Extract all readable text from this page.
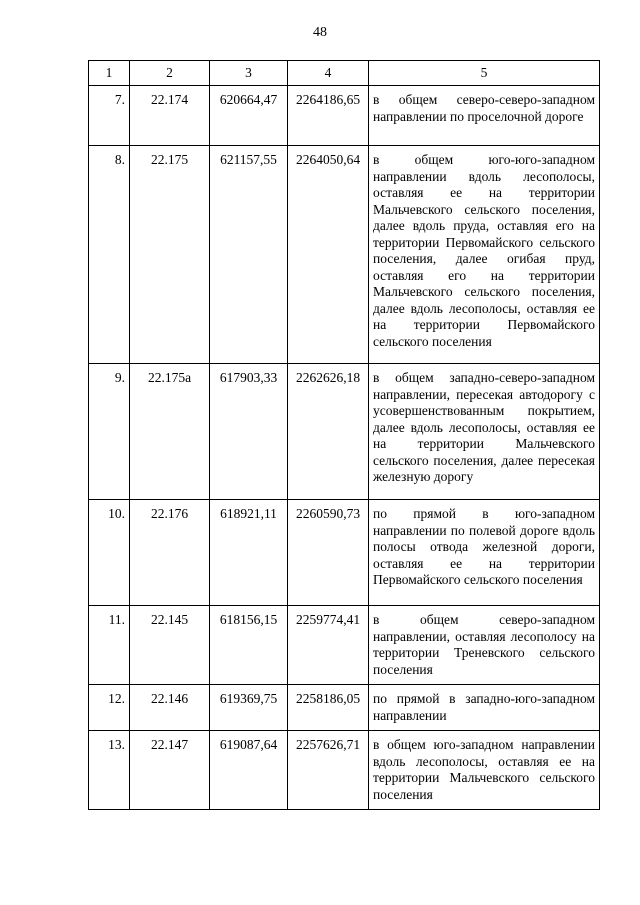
48
1	2	3	4	5
7.	22.174	620664,47	2264186,65	в общем северо-северо-западном направлении по проселочной дороге
8.	22.175	621157,55	2264050,64	в общем юго-юго-западном направлении вдоль лесополосы, оставляя ее на территории Мальчевского сельского поселения, далее вдоль пруда, оставляя его на территории Первомайского сельского поселения, далее огибая пруд, оставляя его на территории Мальчевского сельского поселения, далее вдоль лесополосы, оставляя ее на территории Первомайского сельского поселения
9.	22.175а	617903,33	2262626,18	в общем западно-северо-западном направлении, пересекая автодорогу с усовершенствованным покрытием, далее вдоль лесополосы, оставляя ее на территории Мальчевского сельского поселения, далее пересекая железную дорогу
10.	22.176	618921,11	2260590,73	по прямой в юго-западном направлении по полевой дороге вдоль полосы отвода железной дороги, оставляя ее на территории Первомайского сельского поселения
11.	22.145	618156,15	2259774,41	в общем северо-западном направлении, оставляя лесополосу на территории Треневского сельского поселения
12.	22.146	619369,75	2258186,05	по прямой в западно-юго-западном направлении
13.	22.147	619087,64	2257626,71	в общем юго-западном направлении вдоль лесополосы, оставляя ее на территории Мальчевского сельского поселения
